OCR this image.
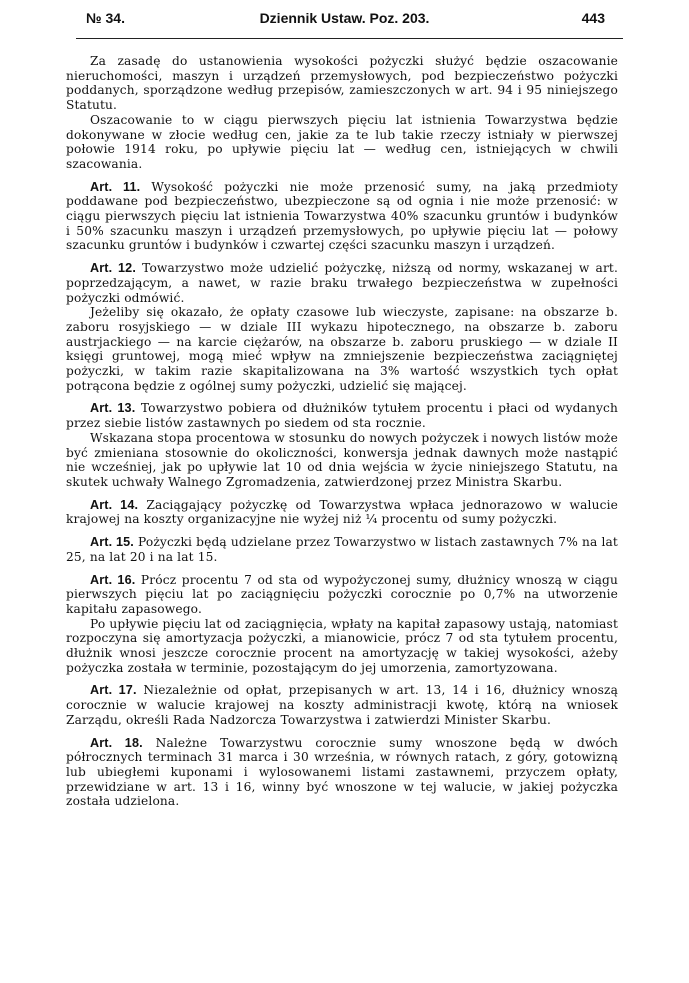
№ 34.	Dziennik Ustaw. Poz. 203.	443

Za zasadę do ustanowienia wysokości pożyczki służyć będzie oszacowanie nieruchomości, maszyn i urządzeń przemysłowych, pod bezpieczeństwo pożyczki poddanych, sporządzone według przepisów, zamieszczonych w art. 94 i 95 niniejszego Statutu.

Oszacowanie to w ciągu pierwszych pięciu lat istnienia Towarzystwa będzie dokonywane w złocie według cen, jakie za te lub takie rzeczy istniały w pierwszej połowie 1914 roku, po upływie pięciu lat — według cen, istniejących w chwili szacowania.

Art. 11. Wysokość pożyczki nie może przenosić sumy, na jaką przedmioty poddawane pod bezpieczeństwo, ubezpieczone są od ognia i nie może przenosić: w ciągu pierwszych pięciu lat istnienia Towarzystwa 40% szacunku gruntów i budynków i 50% szacunku maszyn i urządzeń przemysłowych, po upływie pięciu lat — połowy szacunku gruntów i budynków i czwartej części szacunku maszyn i urządzeń.

Art. 12. Towarzystwo może udzielić pożyczkę, niższą od normy, wskazanej w art. poprzedzającym, a nawet, w razie braku trwałego bezpieczeństwa w zupełności pożyczki odmówić.

Jeżeliby się okazało, że opłaty czasowe lub wieczyste, zapisane: na obszarze b. zaboru rosyjskiego — w dziale III wykazu hipotecznego, na obszarze b. zaboru austrjackiego — na karcie ciężarów, na obszarze b. zaboru pruskiego — w dziale II księgi gruntowej, mogą mieć wpływ na zmniejszenie bezpieczeństwa zaciągniętej pożyczki, w takim razie skapitalizowana na 3% wartość wszystkich tych opłat potrącona będzie z ogólnej sumy pożyczki, udzielić się mającej.

Art. 13. Towarzystwo pobiera od dłużników tytułem procentu i płaci od wydanych przez siebie listów zastawnych po siedem od sta rocznie.

Wskazana stopa procentowa w stosunku do nowych pożyczek i nowych listów może być zmieniana stosownie do okoliczności, konwersja jednak dawnych może nastąpić nie wcześniej, jak po upływie lat 10 od dnia wejścia w życie niniejszego Statutu, na skutek uchwały Walnego Zgromadzenia, zatwierdzonej przez Ministra Skarbu.

Art. 14. Zaciągający pożyczkę od Towarzystwa wpłaca jednorazowo w walucie krajowej na koszty organizacyjne nie wyżej niż ¼ procentu od sumy pożyczki.

Art. 15. Pożyczki będą udzielane przez Towarzystwo w listach zastawnych 7% na lat 25, na lat 20 i na lat 15.

Art. 16. Prócz procentu 7 od sta od wypożyczonej sumy, dłużnicy wnoszą w ciągu pierwszych pięciu lat po zaciągnięciu pożyczki corocznie po 0,7% na utworzenie kapitału zapasowego.

Po upływie pięciu lat od zaciągnięcia, wpłaty na kapitał zapasowy ustają, natomiast rozpoczyna się amortyzacja pożyczki, a mianowicie, prócz 7 od sta tytułem procentu, dłużnik wnosi jeszcze corocznie procent na amortyzację w takiej wysokości, ażeby pożyczka została w terminie, pozostającym do jej umorzenia, zamortyzowana.

Art. 17. Niezależnie od opłat, przepisanych w art. 13, 14 i 16, dłużnicy wnoszą corocznie w walucie krajowej na koszty administracji kwotę, którą na wniosek Zarządu, określi Rada Nadzorcza Towarzystwa i zatwierdzi Minister Skarbu.

Art. 18. Należne Towarzystwu corocznie sumy wnoszone będą w dwóch półrocznych terminach 31 marca i 30 września, w równych ratach, z góry, gotowizną lub ubiegłemi kuponami i wylosowanemi listami zastawnemi, przyczem opłaty, przewidziane w art. 13 i 16, winny być wnoszone w tej walucie, w jakiej pożyczka została udzielona.
